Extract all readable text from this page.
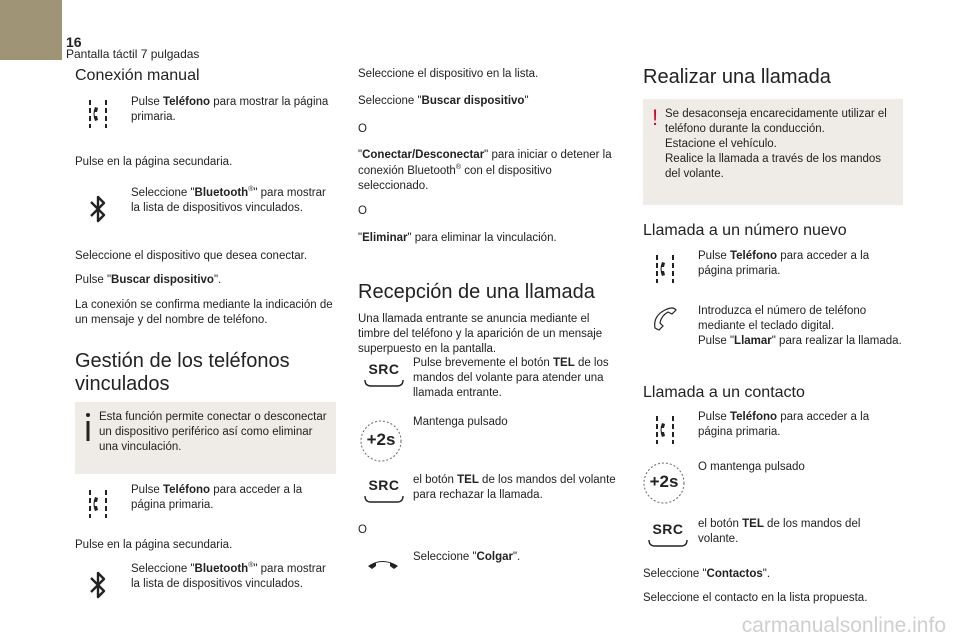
16
Pantalla táctil 7 pulgadas
Conexión manual
Pulse Teléfono para mostrar la página primaria.
Pulse en la página secundaria.
Seleccione "Bluetooth®" para mostrar la lista de dispositivos vinculados.
Seleccione el dispositivo que desea conectar.
Pulse "Buscar dispositivo".
La conexión se confirma mediante la indicación de un mensaje y del nombre de teléfono.
Gestión de los teléfonos vinculados
Esta función permite conectar o desconectar un dispositivo periférico así como eliminar una vinculación.
Pulse Teléfono para acceder a la página primaria.
Pulse en la página secundaria.
Seleccione "Bluetooth®" para mostrar la lista de dispositivos vinculados.
Seleccione el dispositivo en la lista.
Seleccione "Buscar dispositivo"
O
"Conectar/Desconectar" para iniciar o detener la conexión Bluetooth® con el dispositivo seleccionado.
O
"Eliminar" para eliminar la vinculación.
Recepción de una llamada
Una llamada entrante se anuncia mediante el timbre del teléfono y la aparición de un mensaje superpuesto en la pantalla.
SRC	Pulse brevemente el botón TEL de los mandos del volante para atender una llamada entrante.
+2s
Mantenga pulsado
SRC	el botón TEL de los mandos del volante para rechazar la llamada.
O
Seleccione "Colgar".
Realizar una llamada
! Se desaconseja encarecidamente utilizar el teléfono durante la conducción.
Estacione el vehículo.
Realice la llamada a través de los mandos del volante.
Llamada a un número nuevo
Pulse Teléfono para acceder a la página primaria.
Introduzca el número de teléfono mediante el teclado digital.
Pulse "Llamar" para realizar la llamada.
Llamada a un contacto
Pulse Teléfono para acceder a la página primaria.
+2s
O mantenga pulsado
SRC	el botón TEL de los mandos del volante.
Seleccione "Contactos".
Seleccione el contacto en la lista propuesta.
carmanualsonline.info
